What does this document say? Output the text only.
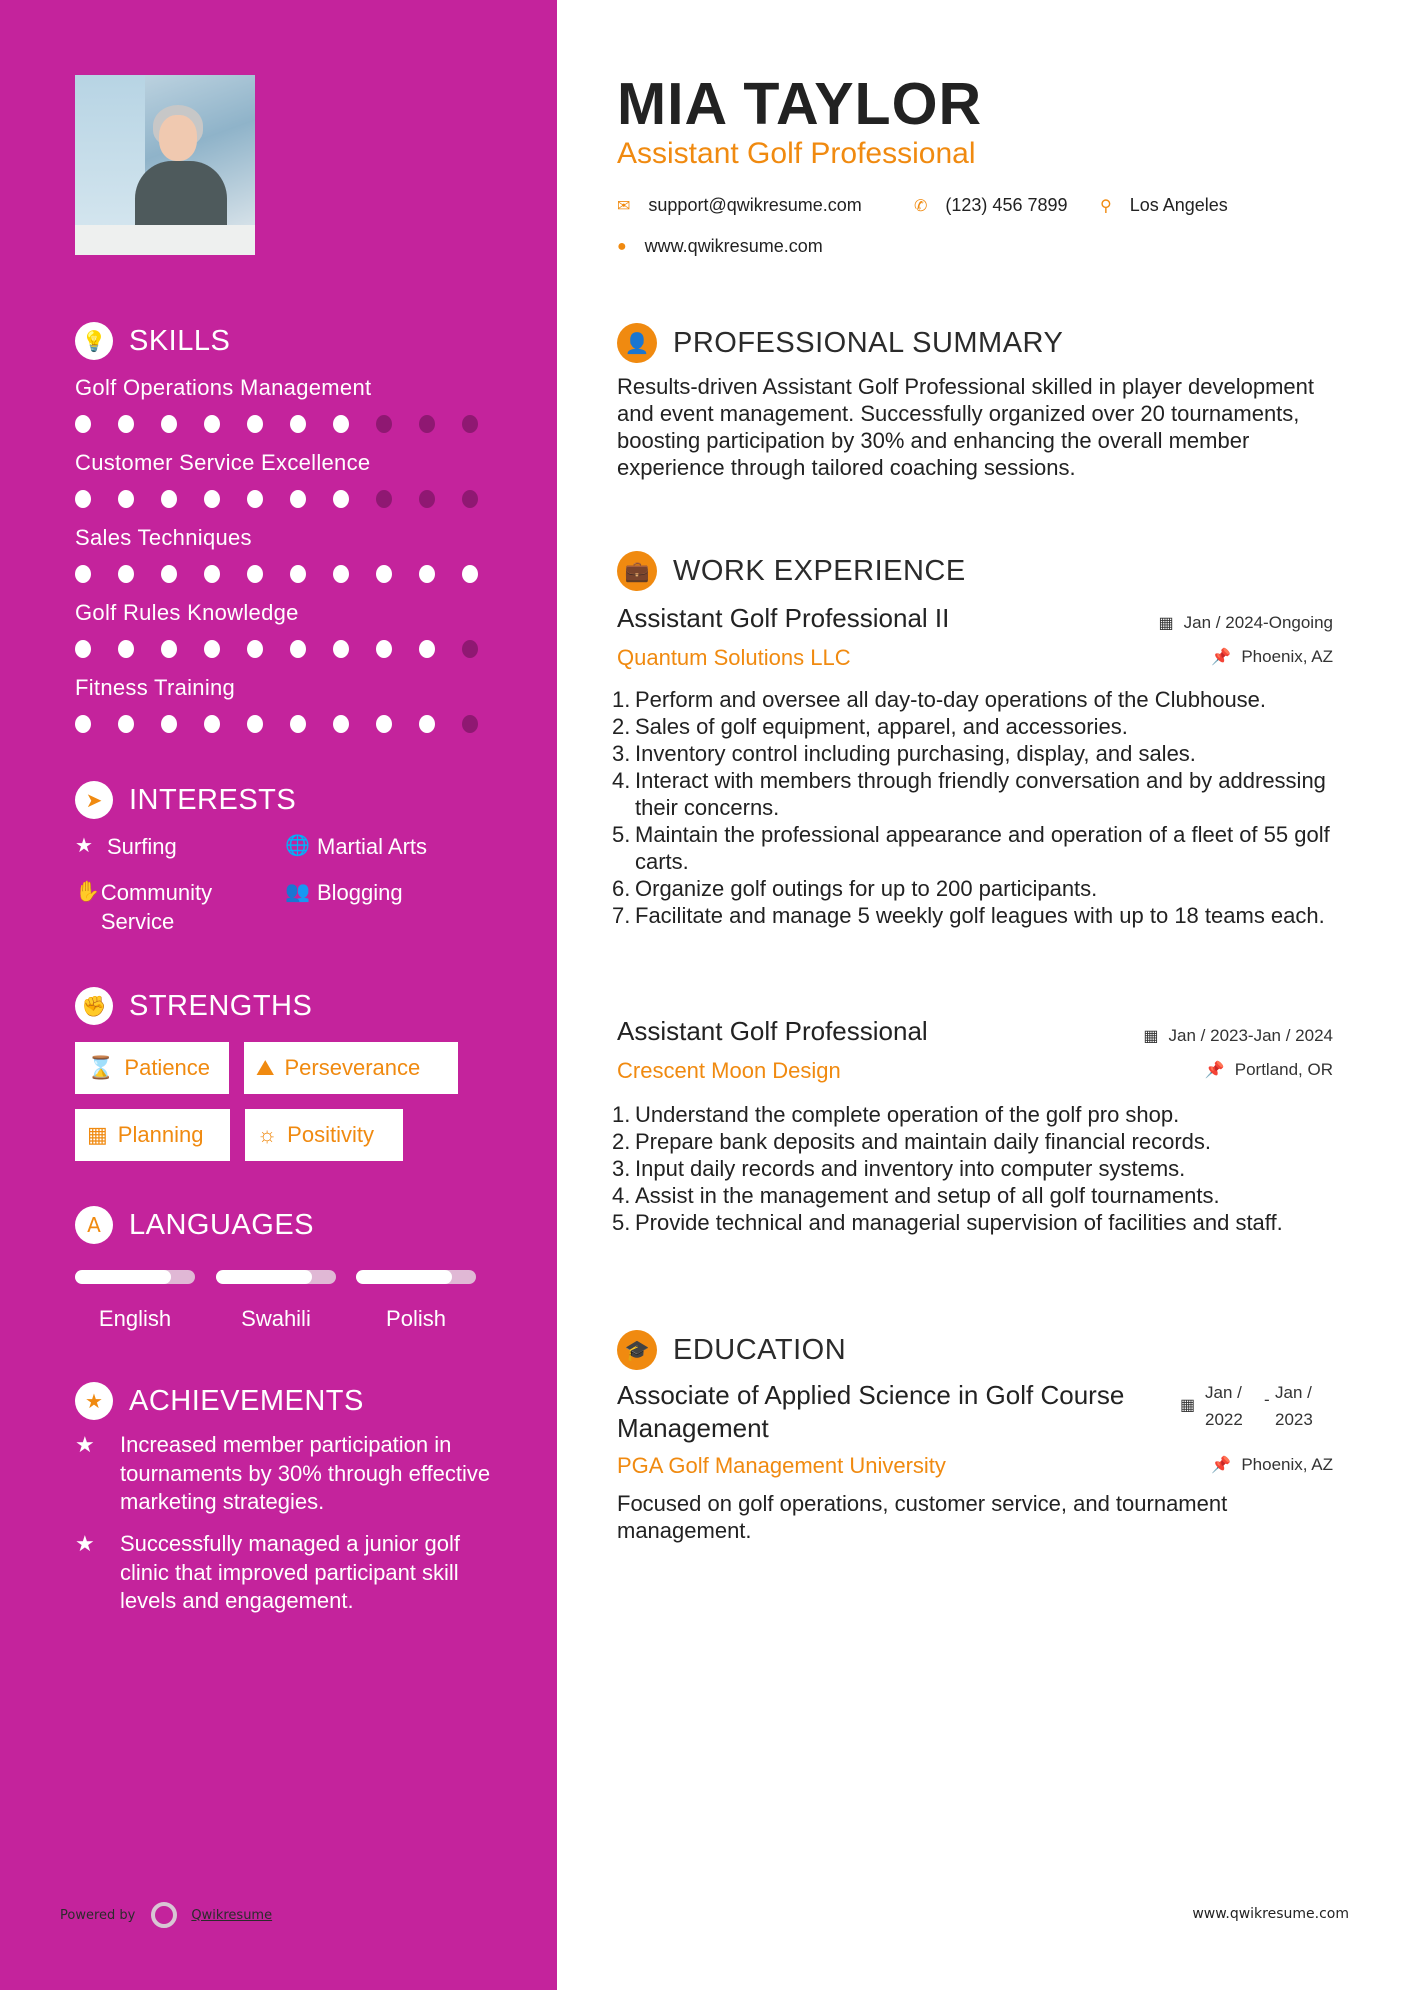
💡 SKILLS
Golf Operations Management
Customer Service Excellence
Sales Techniques
Golf Rules Knowledge
Fitness Training
➤ INTERESTS
★ Surfing	🌐 Martial Arts
✋ Community Service
👥 Blogging
✊ STRENGTHS
⌛ Patience ⛰ Perseverance
▦ Planning ☼ Positivity
A LANGUAGES
English	Swahili	Polish
★ ACHIEVEMENTS
★	Increased member participation in tournaments by 30% through effective marketing strategies.
★	Successfully managed a junior golf clinic that improved participant skill levels and engagement.
Powered by	Qwikresume
MIA TAYLOR
Assistant Golf Professional
✉ support@qwikresume.com	✆ (123) 456 7899 ⚲ Los Angeles
● www.qwikresume.com
👤 PROFESSIONAL SUMMARY
Results-driven Assistant Golf Professional skilled in player development and event management. Successfully organized over 20 tournaments, boosting participation by 30% and enhancing the overall member experience through tailored coaching sessions.
💼 WORK EXPERIENCE
Assistant Golf Professional II	▦ Jan / 2024-Ongoing
Quantum Solutions LLC	📌 Phoenix, AZ
Perform and oversee all day-to-day operations of the Clubhouse.
Sales of golf equipment, apparel, and accessories.
Inventory control including purchasing, display, and sales.
Interact with members through friendly conversation and by addressing their concerns.
Maintain the professional appearance and operation of a fleet of 55 golf carts.
Organize golf outings for up to 200 participants.
Facilitate and manage 5 weekly golf leagues with up to 18 teams each.
Assistant Golf Professional	▦ Jan / 2023-Jan / 2024
Crescent Moon Design	📌 Portland, OR
Understand the complete operation of the golf pro shop.
Prepare bank deposits and maintain daily financial records.
Input daily records and inventory into computer systems.
Assist in the management and setup of all golf tournaments.
Provide technical and managerial supervision of facilities and staff.
🎓 EDUCATION
Associate of Applied Science in Golf Course Management
▦
Jan /
2022
- Jan /
2023
PGA Golf Management University	📌 Phoenix, AZ
Focused on golf operations, customer service, and tournament management.
www.qwikresume.com
